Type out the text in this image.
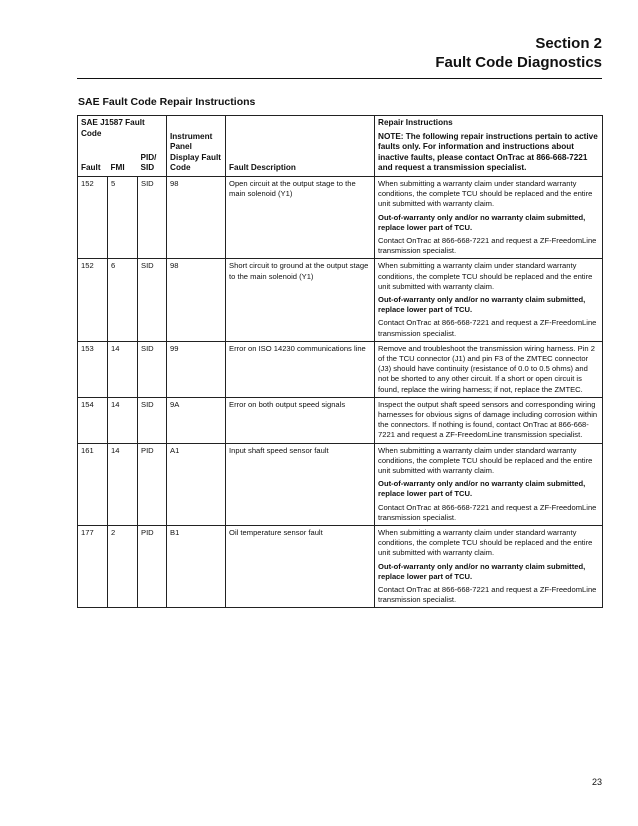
Section 2
Fault Code Diagnostics
SAE Fault Code Repair Instructions
SAE J1587 Fault Code			Instrument Panel Display Fault Code	Fault Description	Repair Instructions
NOTE: The following repair instructions pertain to active faults only. For information and instructions about inactive faults, please contact OnTrac at 866-668-7221 and request a transmission specialist.

Fault	FMI	PID/ SID			
152	5	SID	98	Open circuit at the output stage to the main solenoid (Y1)	When submitting a warranty claim under standard warranty conditions, the complete TCU should be replaced and the entire unit submitted with warranty claim.
Out-of-warranty only and/or no warranty claim submitted, replace lower part of TCU.
Contact OnTrac at 866-668-7221 and request a ZF-FreedomLine transmission specialist.

152	6	SID	98	Short circuit to ground at the output stage to the main solenoid (Y1)	When submitting a warranty claim under standard warranty conditions, the complete TCU should be replaced and the entire unit submitted with warranty claim.
Out-of-warranty only and/or no warranty claim submitted, replace lower part of TCU.
Contact OnTrac at 866-668-7221 and request a ZF-FreedomLine transmission specialist.

153	14	SID	99	Error on ISO 14230 communications line	Remove and troubleshoot the transmission wiring harness. Pin 2 of the TCU connector (J1) and pin F3 of the ZMTEC connector (J3) should have continuity (resistance of 0.0 to 0.5 ohms) and not be shorted to any other circuit. If a short or open circuit is found, replace the wiring harness; if not, replace the ZMTEC.

154	14	SID	9A	Error on both output speed signals	Inspect the output shaft speed sensors and corresponding wiring harnesses for obvious signs of damage including corrosion within the connectors. If nothing is found, contact OnTrac at 866-668-7221 and request a ZF-FreedomLine transmission specialist.

161	14	PID	A1	Input shaft speed sensor fault	When submitting a warranty claim under standard warranty conditions, the complete TCU should be replaced and the entire unit submitted with warranty claim.
Out-of-warranty only and/or no warranty claim submitted, replace lower part of TCU.
Contact OnTrac at 866-668-7221 and request a ZF-FreedomLine transmission specialist.

177	2	PID	B1	Oil temperature sensor fault	When submitting a warranty claim under standard warranty conditions, the complete TCU should be replaced and the entire unit submitted with warranty claim.
Out-of-warranty only and/or no warranty claim submitted, replace lower part of TCU.
Contact OnTrac at 866-668-7221 and request a ZF-FreedomLine transmission specialist.
23
